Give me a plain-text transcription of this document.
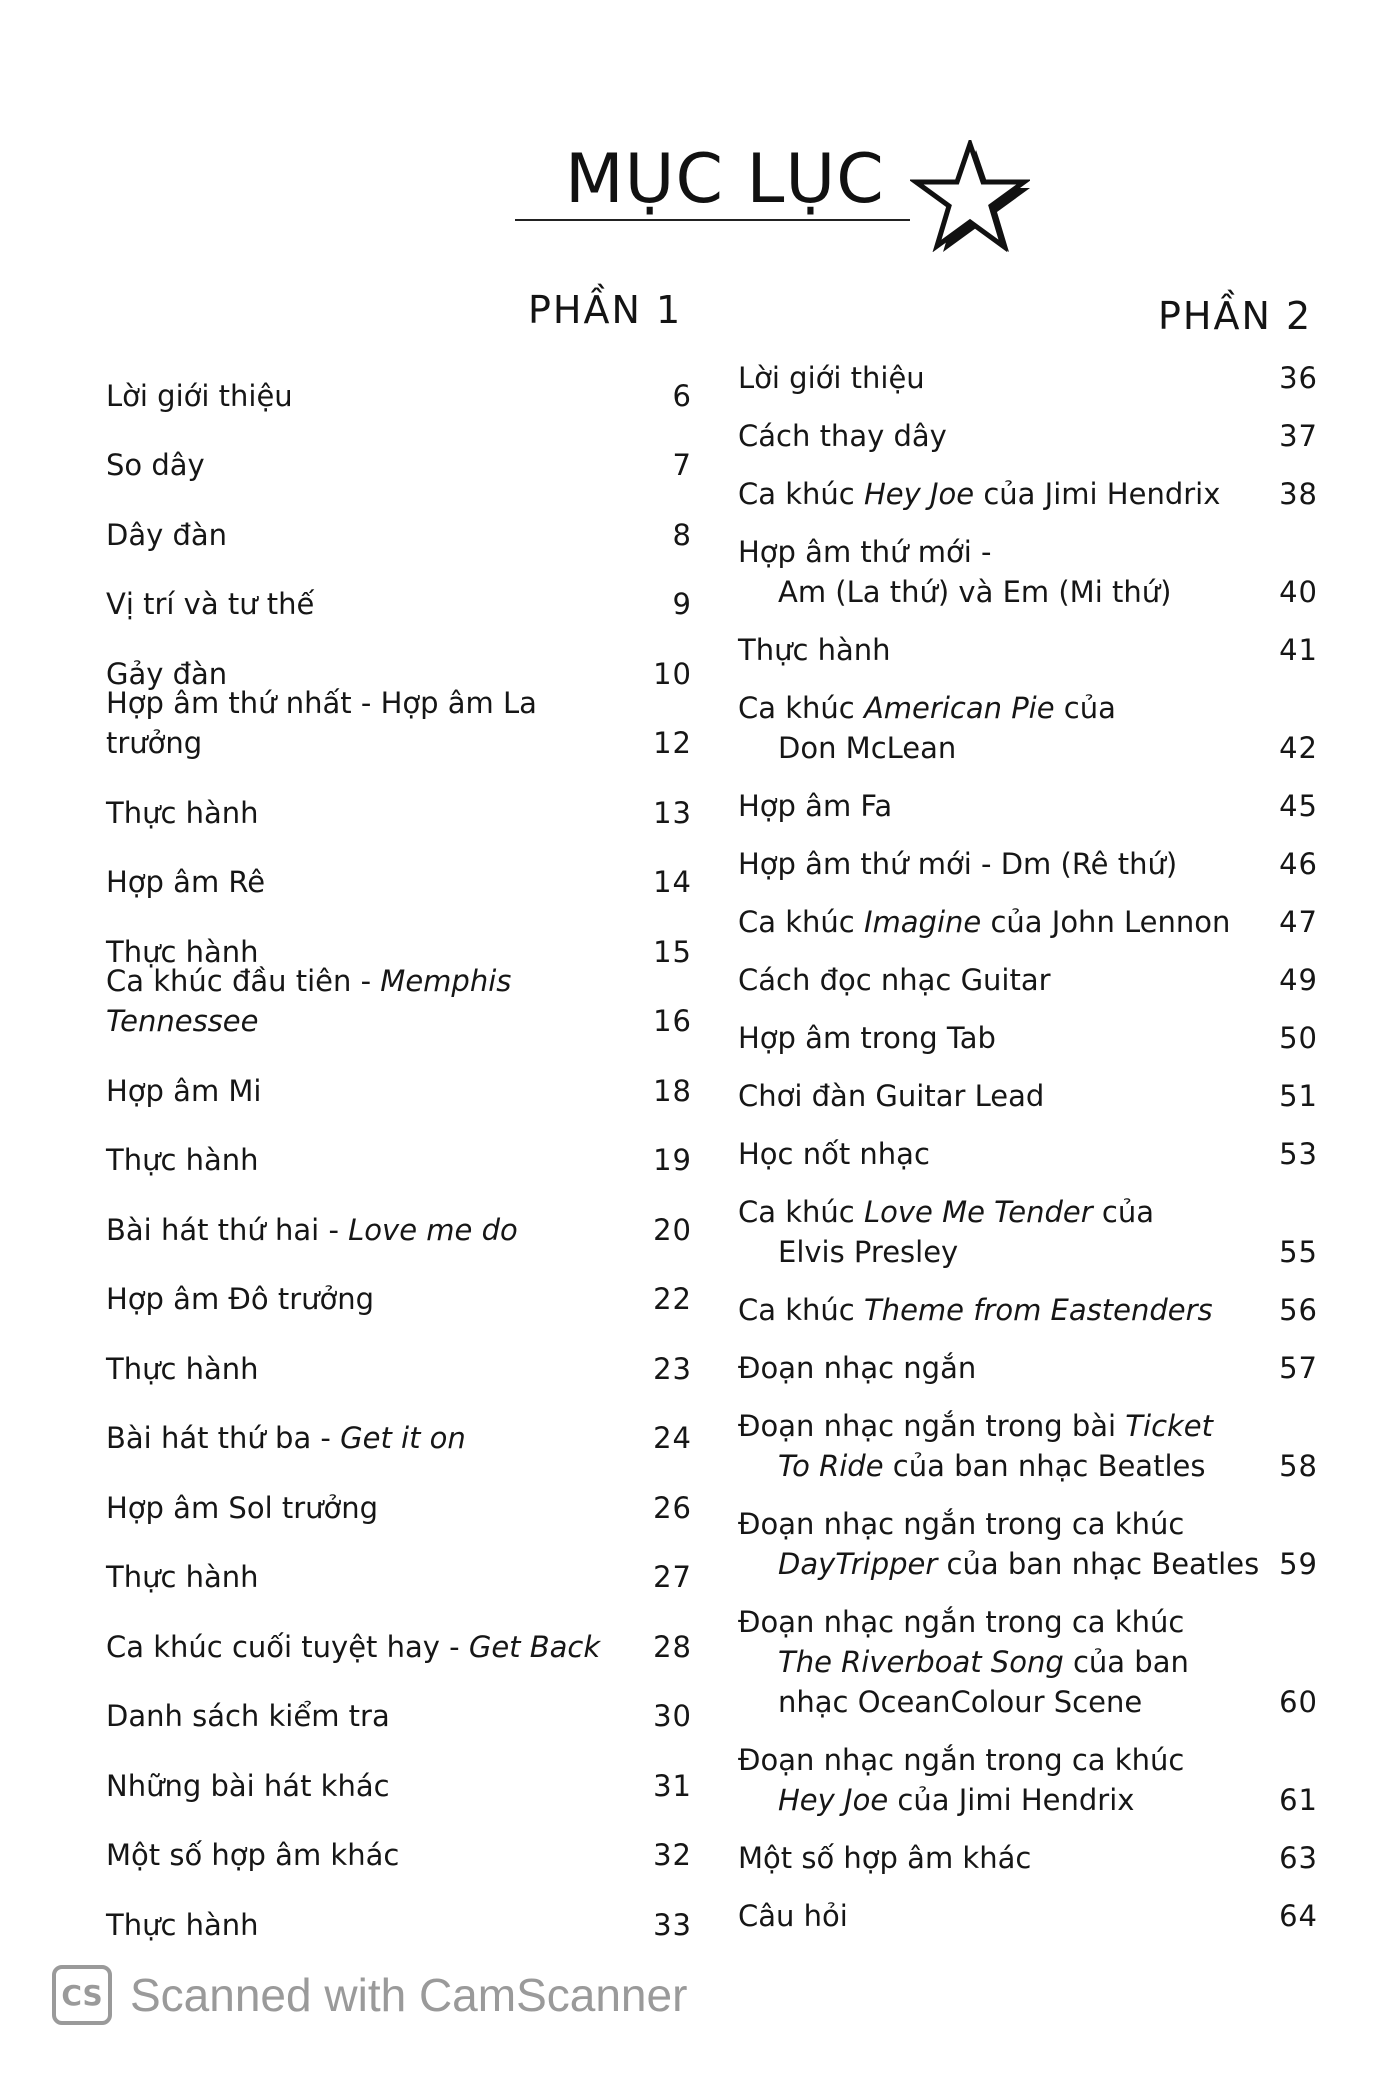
MỤC LỤC
PHẦN 1	PHẦN 2
Lời giới thiệu	6
So dây	7
Dây đàn	8
Vị trí và tư thế	9
Gảy đàn	10
Hợp âm thứ nhất - Hợp âm La trưởng	12
Thực hành	13
Hợp âm Rê	14
Thực hành	15
Ca khúc đầu tiên - Memphis Tennessee	16
Hợp âm Mi	18
Thực hành	19
Bài hát thứ hai - Love me do	20
Hợp âm Đô trưởng	22
Thực hành	23
Bài hát thứ ba - Get it on	24
Hợp âm Sol trưởng	26
Thực hành	27
Ca khúc cuối tuyệt hay - Get Back	28
Danh sách kiểm tra	30
Những bài hát khác	31
Một số hợp âm khác	32
Thực hành	33
Lời giới thiệu	36
Cách thay dây	37
Ca khúc Hey Joe của Jimi Hendrix	38
Hợp âm thứ mới -
Am (La thứ) và Em (Mi thứ)	40
Thực hành	41
Ca khúc American Pie của
Don McLean	42
Hợp âm Fa	45
Hợp âm thứ mới - Dm (Rê thứ)	46
Ca khúc Imagine của John Lennon	47
Cách đọc nhạc Guitar	49
Hợp âm trong Tab	50
Chơi đàn Guitar Lead	51
Học nốt nhạc	53
Ca khúc Love Me Tender của
Elvis Presley	55
Ca khúc Theme from Eastenders	56
Đoạn nhạc ngắn	57
Đoạn nhạc ngắn trong bài Ticket
To Ride của ban nhạc Beatles	58
Đoạn nhạc ngắn trong ca khúc
DayTripper của ban nhạc Beatles 59
Đoạn nhạc ngắn trong ca khúc
The Riverboat Song của ban
nhạc OceanColour Scene	60
Đoạn nhạc ngắn trong ca khúc
Hey Joe của Jimi Hendrix	61
Một số hợp âm khác	63
Câu hỏi	64
CS Scanned with CamScanner
